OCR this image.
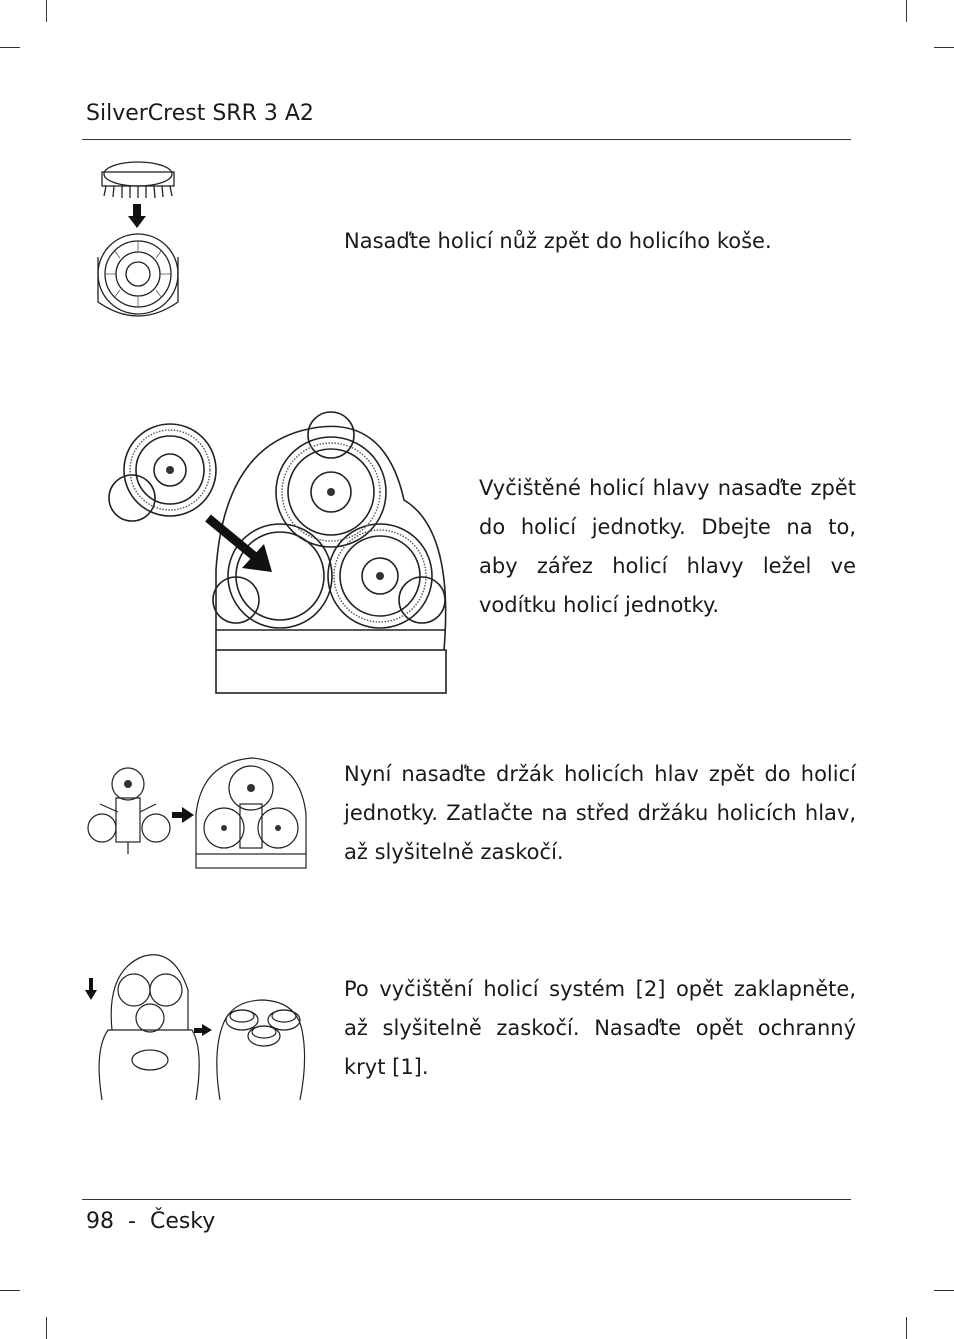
SilverCrest SRR 3 A2
Nasaďte holicí nůž zpět do holicího koše.
Vyčištěné holicí hlavy nasaďte zpět do holicí jednotky. Dbejte na to, aby zářez holicí hlavy ležel ve vodítku holicí jednotky.
Nyní nasaďte držák holicích hlav zpět do holicí jednotky. Zatlačte na střed držáku holicích hlav, až slyšitelně zaskočí.
Po vyčištění holicí systém [2] opět zaklapněte, až slyšitelně zaskočí. Nasaďte opět ochranný kryt [1].
98 - Česky
